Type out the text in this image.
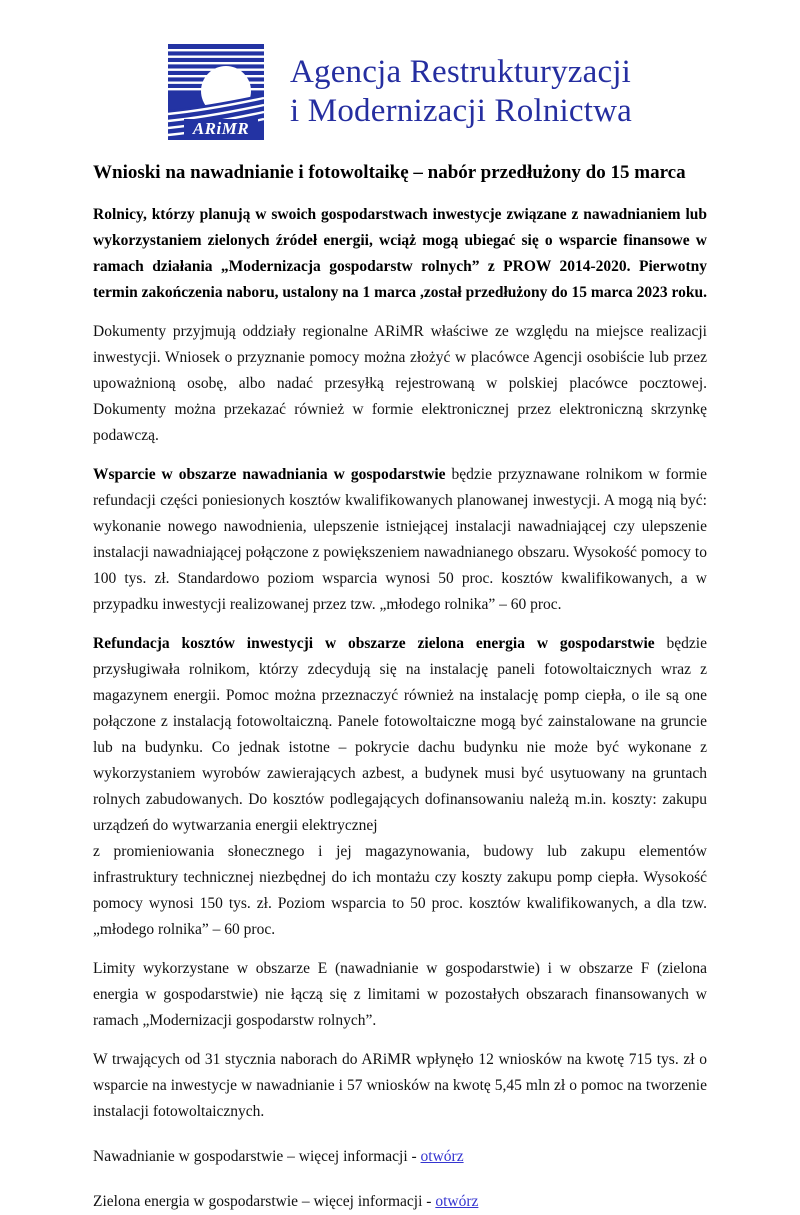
ARiMR
Agencja Restrukturyzacji
i Modernizacji Rolnictwa
Wnioski na nawadnianie i fotowoltaikę – nabór przedłużony do 15 marca

Rolnicy, którzy planują w swoich gospodarstwach inwestycje związane z nawadnianiem lub wykorzystaniem zielonych źródeł energii, wciąż mogą ubiegać się o wsparcie finansowe w ramach działania „Modernizacja gospodarstw rolnych” z PROW 2014-2020. Pierwotny termin zakończenia naboru, ustalony na 1 marca ,został przedłużony do 15 marca 2023 roku.

Dokumenty przyjmują oddziały regionalne ARiMR właściwe ze względu na miejsce realizacji inwestycji. Wniosek o przyznanie pomocy można złożyć w placówce Agencji osobiście lub przez upoważnioną osobę, albo nadać przesyłką rejestrowaną w polskiej placówce pocztowej. Dokumenty można przekazać również w formie elektronicznej przez elektroniczną skrzynkę podawczą.

Wsparcie w obszarze nawadniania w gospodarstwie będzie przyznawane rolnikom w formie refundacji części poniesionych kosztów kwalifikowanych planowanej inwestycji. A mogą nią być: wykonanie nowego nawodnienia, ulepszenie istniejącej instalacji nawadniającej czy ulepszenie instalacji nawadniającej połączone z powiększeniem nawadnianego obszaru. Wysokość pomocy to 100 tys. zł. Standardowo poziom wsparcia wynosi 50 proc. kosztów kwalifikowanych, a w przypadku inwestycji realizowanej przez tzw. „młodego rolnika” – 60 proc.

Refundacja kosztów inwestycji w obszarze zielona energia w gospodarstwie będzie przysługiwała rolnikom, którzy zdecydują się na instalację paneli fotowoltaicznych wraz z magazynem energii. Pomoc można przeznaczyć również na instalację pomp ciepła, o ile są one połączone z instalacją fotowoltaiczną. Panele fotowoltaiczne mogą być zainstalowane na gruncie lub na budynku. Co jednak istotne – pokrycie dachu budynku nie może być wykonane z wykorzystaniem wyrobów zawierających azbest, a budynek musi być usytuowany na gruntach rolnych zabudowanych. Do kosztów podlegających dofinansowaniu należą m.in. koszty: zakupu urządzeń do wytwarzania energii elektrycznej
z promieniowania słonecznego i jej magazynowania, budowy lub zakupu elementów infrastruktury technicznej niezbędnej do ich montażu czy koszty zakupu pomp ciepła. Wysokość pomocy wynosi 150 tys. zł. Poziom wsparcia to 50 proc. kosztów kwalifikowanych, a dla tzw. „młodego rolnika” – 60 proc.

Limity wykorzystane w obszarze E (nawadnianie w gospodarstwie) i w obszarze F (zielona energia w gospodarstwie) nie łączą się z limitami w pozostałych obszarach finansowanych w ramach „Modernizacji gospodarstw rolnych”.

W trwających od 31 stycznia naborach do ARiMR wpłynęło 12 wniosków na kwotę 715 tys. zł o wsparcie na inwestycje w nawadnianie i 57 wniosków na kwotę 5,45 mln zł o pomoc na tworzenie instalacji fotowoltaicznych.

Nawadnianie w gospodarstwie – więcej informacji - otwórz

Zielona energia w gospodarstwie – więcej informacji - otwórz
